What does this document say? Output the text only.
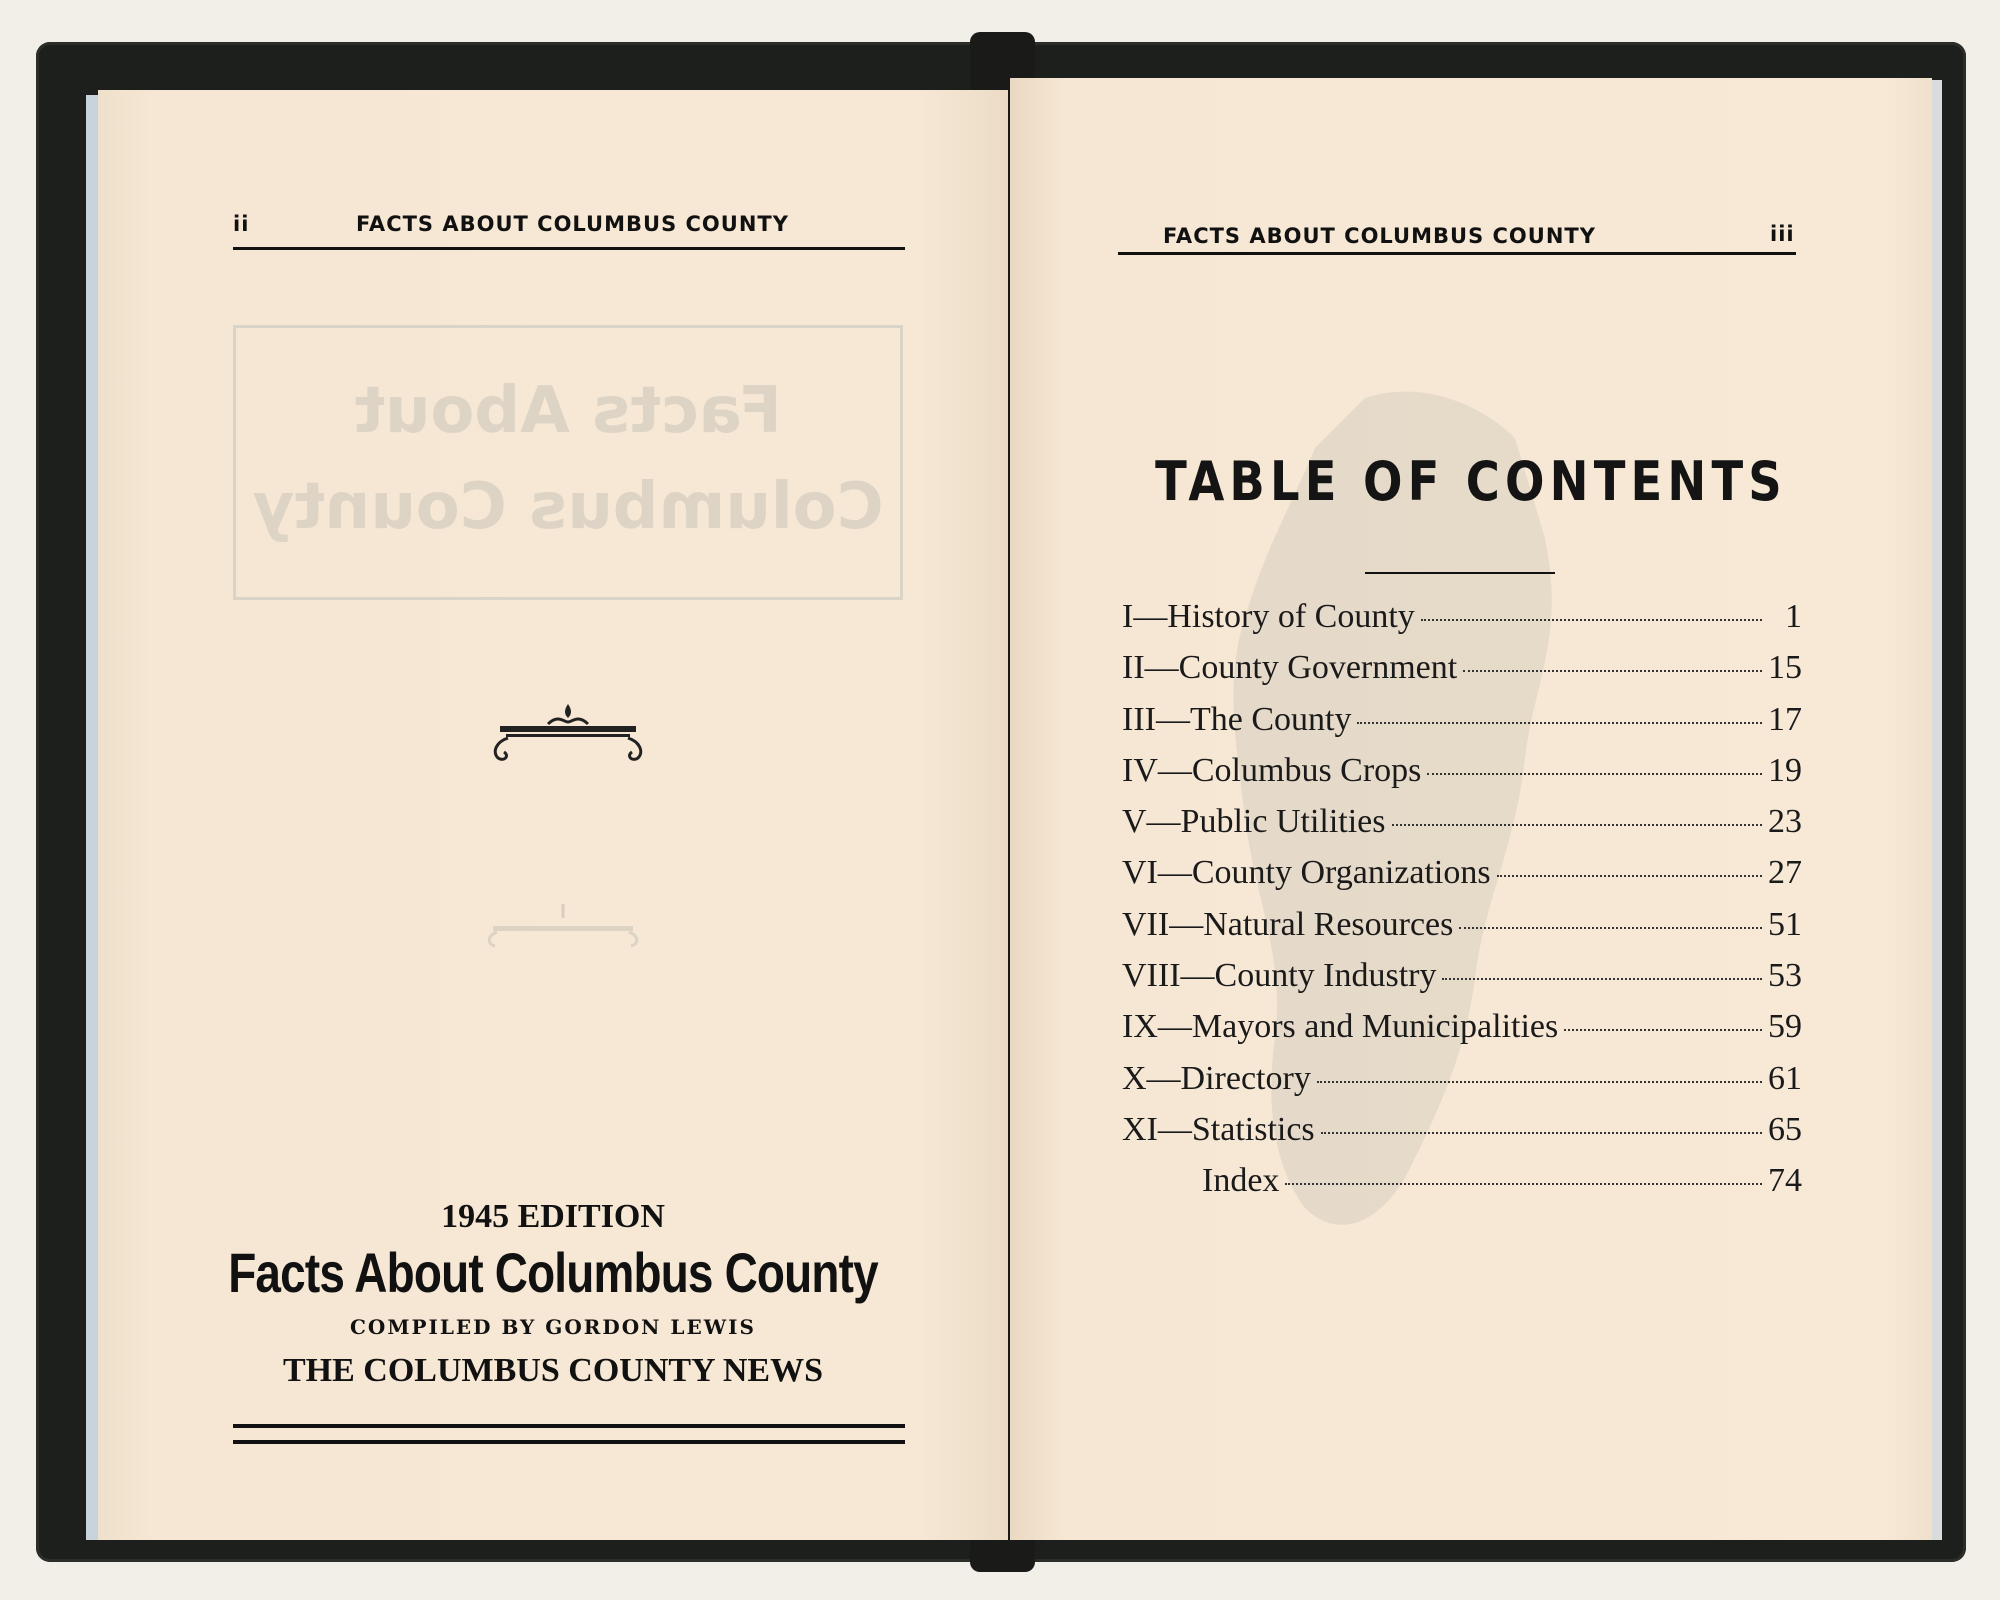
ii	FACTS ABOUT COLUMBUS COUNTY
Facts About
Columbus County
1945 EDITION
Facts About Columbus County
COMPILED BY GORDON LEWIS
THE COLUMBUS COUNTY NEWS
FACTS ABOUT COLUMBUS COUNTY	iii
TABLE OF CONTENTS
I—History of County	1
II—County Government	15
III—The County	17
IV—Columbus Crops	19
V—Public Utilities	23
VI—County Organizations	27
VII—Natural Resources	51
VIII—County Industry	53
IX—Mayors and Municipalities	59
X—Directory	61
XI—Statistics	65
Index	74
